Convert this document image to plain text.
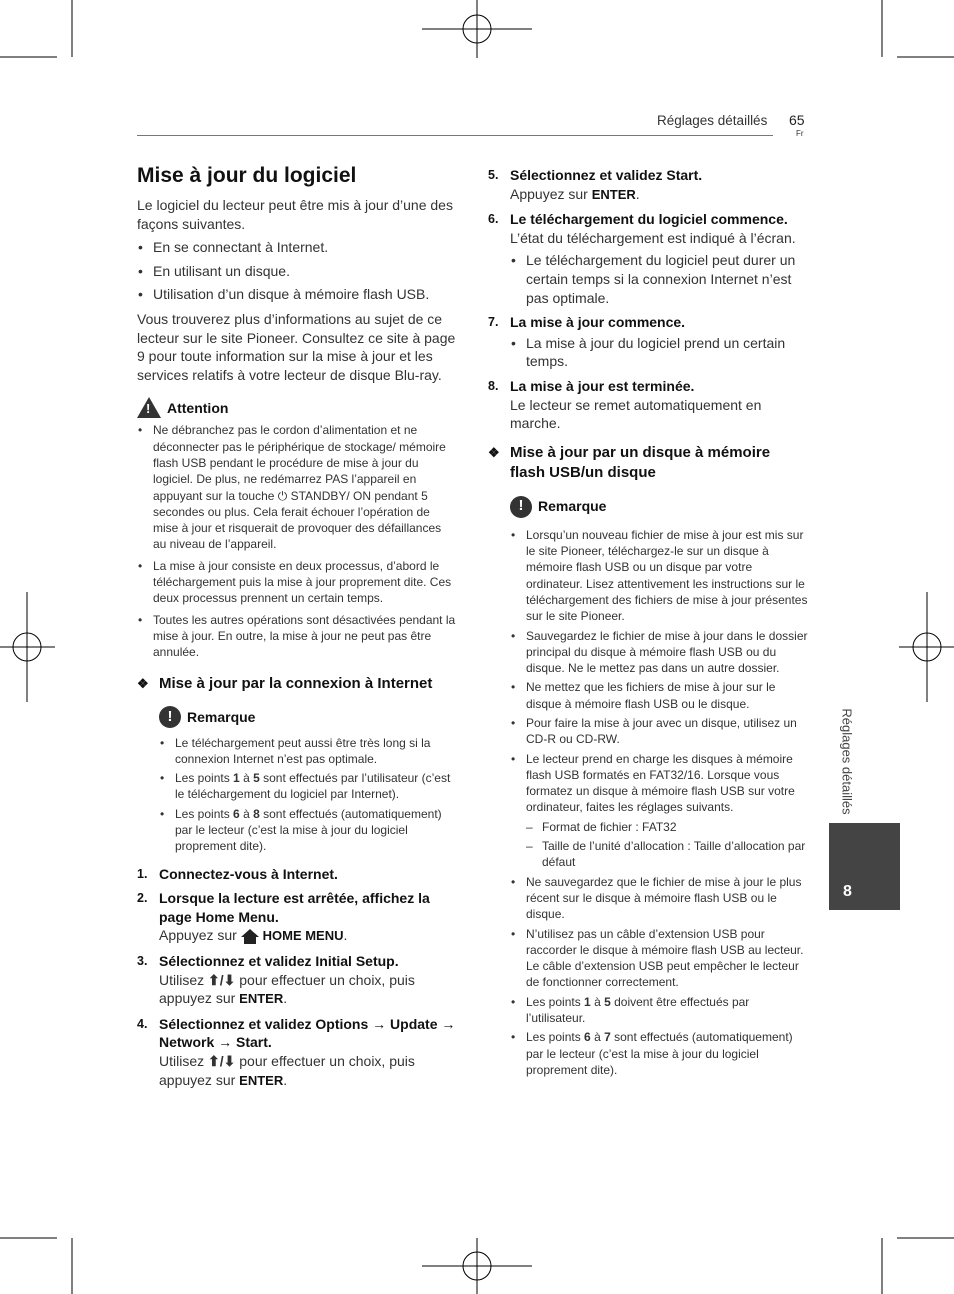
Réglages détaillés 65
Fr
Réglages détaillés
8
Mise à jour du logiciel

Le logiciel du lecteur peut être mis à jour d’une des façons suivantes.

• En se connectant à Internet.
• En utilisant un disque.
• Utilisation d’un disque à mémoire flash USB.

Vous trouverez plus d’informations au sujet de ce lecteur sur le site Pioneer. Consultez ce site à page 9 pour toute information sur la mise à jour et les services relatifs à votre lecteur de disque Blu-ray.

! Attention
• Ne débranchez pas le cordon d’alimentation et ne déconnecter pas le périphérique de stockage/ mémoire flash USB pendant le procédure de mise à jour du logiciel. De plus, ne redémarrez PAS l’appareil en appuyant sur la touche ⏻ STANDBY/ ON pendant 5 secondes ou plus. Cela ferait échouer l’opération de mise à jour et risquerait de provoquer des défaillances au niveau de l’appareil.
• La mise à jour consiste en deux processus, d’abord le téléchargement puis la mise à jour proprement dite. Ces deux processus prennent un certain temps.
• Toutes les autres opérations sont désactivées pendant la mise à jour. En outre, la mise à jour ne peut pas être annulée.
❖ Mise à jour par la connexion à Internet
!	Remarque
• Le téléchargement peut aussi être très long si la connexion Internet n’est pas optimale.
• Les points 1 à 5 sont effectués par l’utilisateur (c’est le téléchargement du logiciel par Internet).
• Les points 6 à 8 sont effectués (automatiquement) par le lecteur (c’est la mise à jour du logiciel proprement dite).
1. Connectez-vous à Internet.
2. Lorsque la lecture est arrêtée, affichez la page Home Menu.
Appuyez sur
HOME MENU.
3. Sélectionnez et validez Initial Setup.
Utilisez ⬆/⬇ pour effectuer un choix, puis appuyez sur ENTER.
4. Sélectionnez et validez Options → Update → Network → Start.
Utilisez ⬆/⬇ pour effectuer un choix, puis appuyez sur ENTER.
5. Sélectionnez et validez Start.
Appuyez sur ENTER.
6. Le téléchargement du logiciel commence.
L’état du téléchargement est indiqué à l’écran.
• Le téléchargement du logiciel peut durer un certain temps si la connexion Internet n’est pas optimale.
7. La mise à jour commence.
• La mise à jour du logiciel prend un certain temps.
8. La mise à jour est terminée.
Le lecteur se remet automatiquement en marche.
❖ Mise à jour par un disque à mémoire flash USB/un disque
!	Remarque
• Lorsqu’un nouveau fichier de mise à jour est mis sur le site Pioneer, téléchargez-le sur un disque à mémoire flash USB ou un disque par votre ordinateur. Lisez attentivement les instructions sur le téléchargement des fichiers de mise à jour présentes sur le site Pioneer.
• Sauvegardez le fichier de mise à jour dans le dossier principal du disque à mémoire flash USB ou du disque. Ne le mettez pas dans un autre dossier.
• Ne mettez que les fichiers de mise à jour sur le disque à mémoire flash USB ou le disque.
• Pour faire la mise à jour avec un disque, utilisez un CD-R ou CD-RW.
• Le lecteur prend en charge les disques à mémoire flash USB formatés en FAT32/16. Lorsque vous formatez un disque à mémoire flash USB sur votre ordinateur, faites les réglages suivants.
– Format de fichier : FAT32
– Taille de l’unité d’allocation : Taille d’allocation par défaut
• Ne sauvegardez que le fichier de mise à jour le plus récent sur le disque à mémoire flash USB ou le disque.
• N’utilisez pas un câble d’extension USB pour raccorder le disque à mémoire flash USB au lecteur. Le câble d’extension USB peut empêcher le lecteur de fonctionner correctement.
• Les points 1 à 5 doivent être effectués par l’utilisateur.
• Les points 6 à 7 sont effectués (automatiquement) par le lecteur (c’est la mise à jour du logiciel proprement dite).
